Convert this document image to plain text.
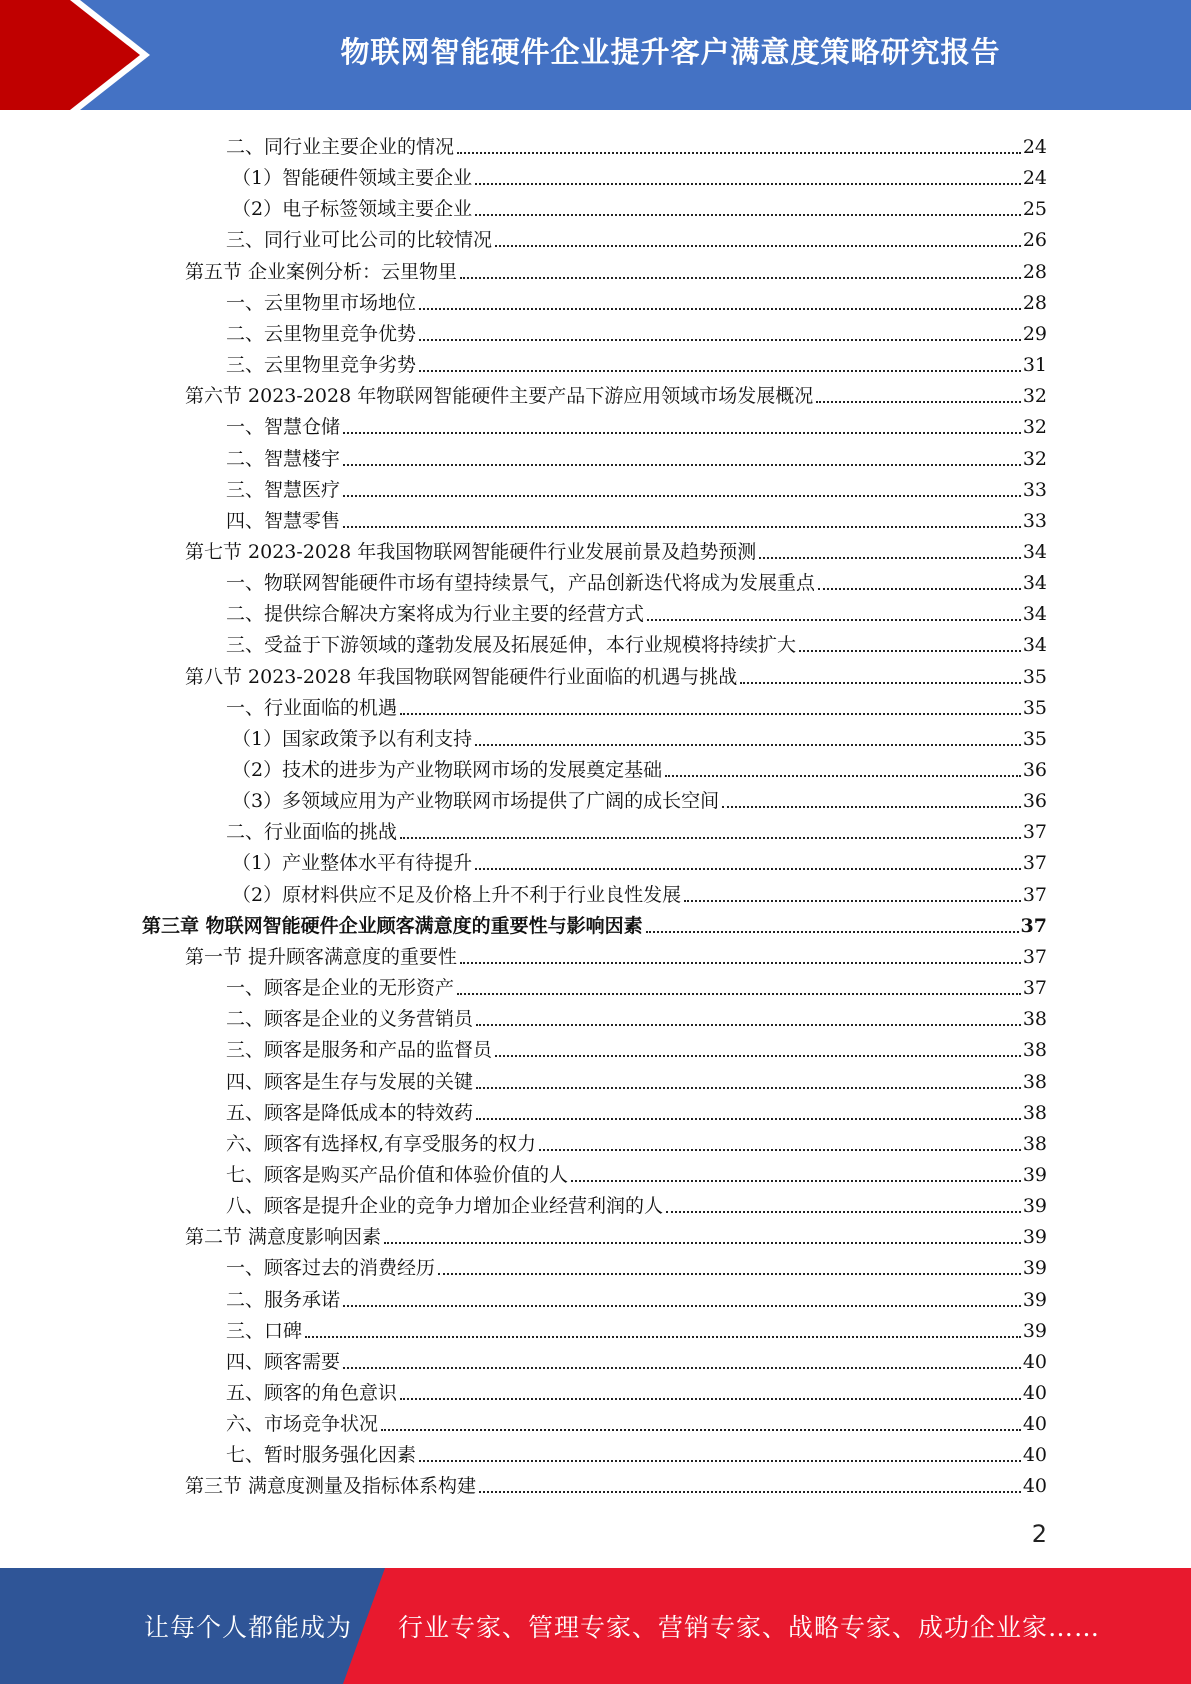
物联网智能硬件企业提升客户满意度策略研究报告
二、同行业主要企业的情况	24
（1）智能硬件领域主要企业	24
（2）电子标签领域主要企业	25
三、同行业可比公司的比较情况	26
第五节 企业案例分析：云里物里	28
一、云里物里市场地位	28
二、云里物里竞争优势	29
三、云里物里竞争劣势	31
第六节 2023-2028 年物联网智能硬件主要产品下游应用领域市场发展概况	32
一、智慧仓储	32
二、智慧楼宇	32
三、智慧医疗	33
四、智慧零售	33
第七节 2023-2028 年我国物联网智能硬件行业发展前景及趋势预测	34
一、物联网智能硬件市场有望持续景气，产品创新迭代将成为发展重点	34
二、提供综合解决方案将成为行业主要的经营方式	34
三、受益于下游领域的蓬勃发展及拓展延伸，本行业规模将持续扩大	34
第八节 2023-2028 年我国物联网智能硬件行业面临的机遇与挑战	35
一、行业面临的机遇	35
（1）国家政策予以有利支持	35
（2）技术的进步为产业物联网市场的发展奠定基础	36
（3）多领域应用为产业物联网市场提供了广阔的成长空间	36
二、行业面临的挑战	37
（1）产业整体水平有待提升	37
（2）原材料供应不足及价格上升不利于行业良性发展	37
第三章 物联网智能硬件企业顾客满意度的重要性与影响因素	37
第一节 提升顾客满意度的重要性	37
一、顾客是企业的无形资产	37
二、顾客是企业的义务营销员	38
三、顾客是服务和产品的监督员	38
四、顾客是生存与发展的关键	38
五、顾客是降低成本的特效药	38
六、顾客有选择权,有享受服务的权力	38
七、顾客是购买产品价值和体验价值的人	39
八、顾客是提升企业的竞争力增加企业经营利润的人	39
第二节 满意度影响因素	39
一、顾客过去的消费经历	39
二、服务承诺	39
三、口碑	39
四、顾客需要	40
五、顾客的角色意识	40
六、市场竞争状况	40
七、暂时服务强化因素	40
第三节 满意度测量及指标体系构建	40
2
让每个人都能成为 行业专家、管理专家、营销专家、战略专家、成功企业家……
